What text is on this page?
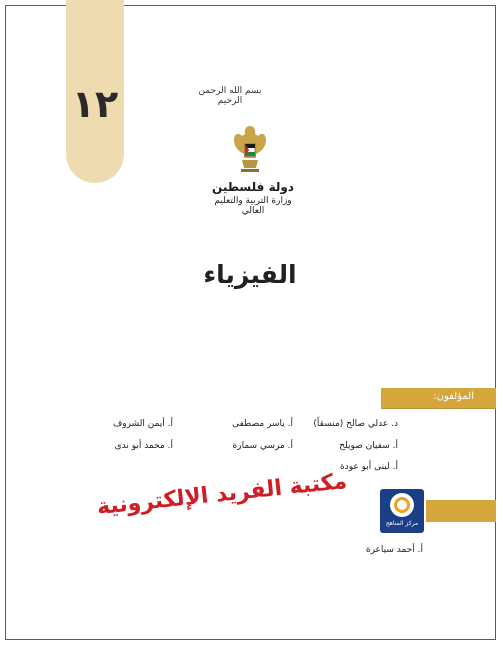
١٢	بسم الله الرحمن الرحيم
دولة فلسطين
وزارة التربية والتعليم العالي
الفيزياء
المؤلفون:
د. عدلي صالح (منسقاً)
أ. ياسر مصطفى
أ. أيمن الشروف
أ. سفيان صويلح
أ. مرسي سمارة
أ. محمد أبو ندى
أ. لبنى أبو عودة
مركز المناهج
مكتبة الفريد الإلكترونية
أ. أحمد سياعرة
